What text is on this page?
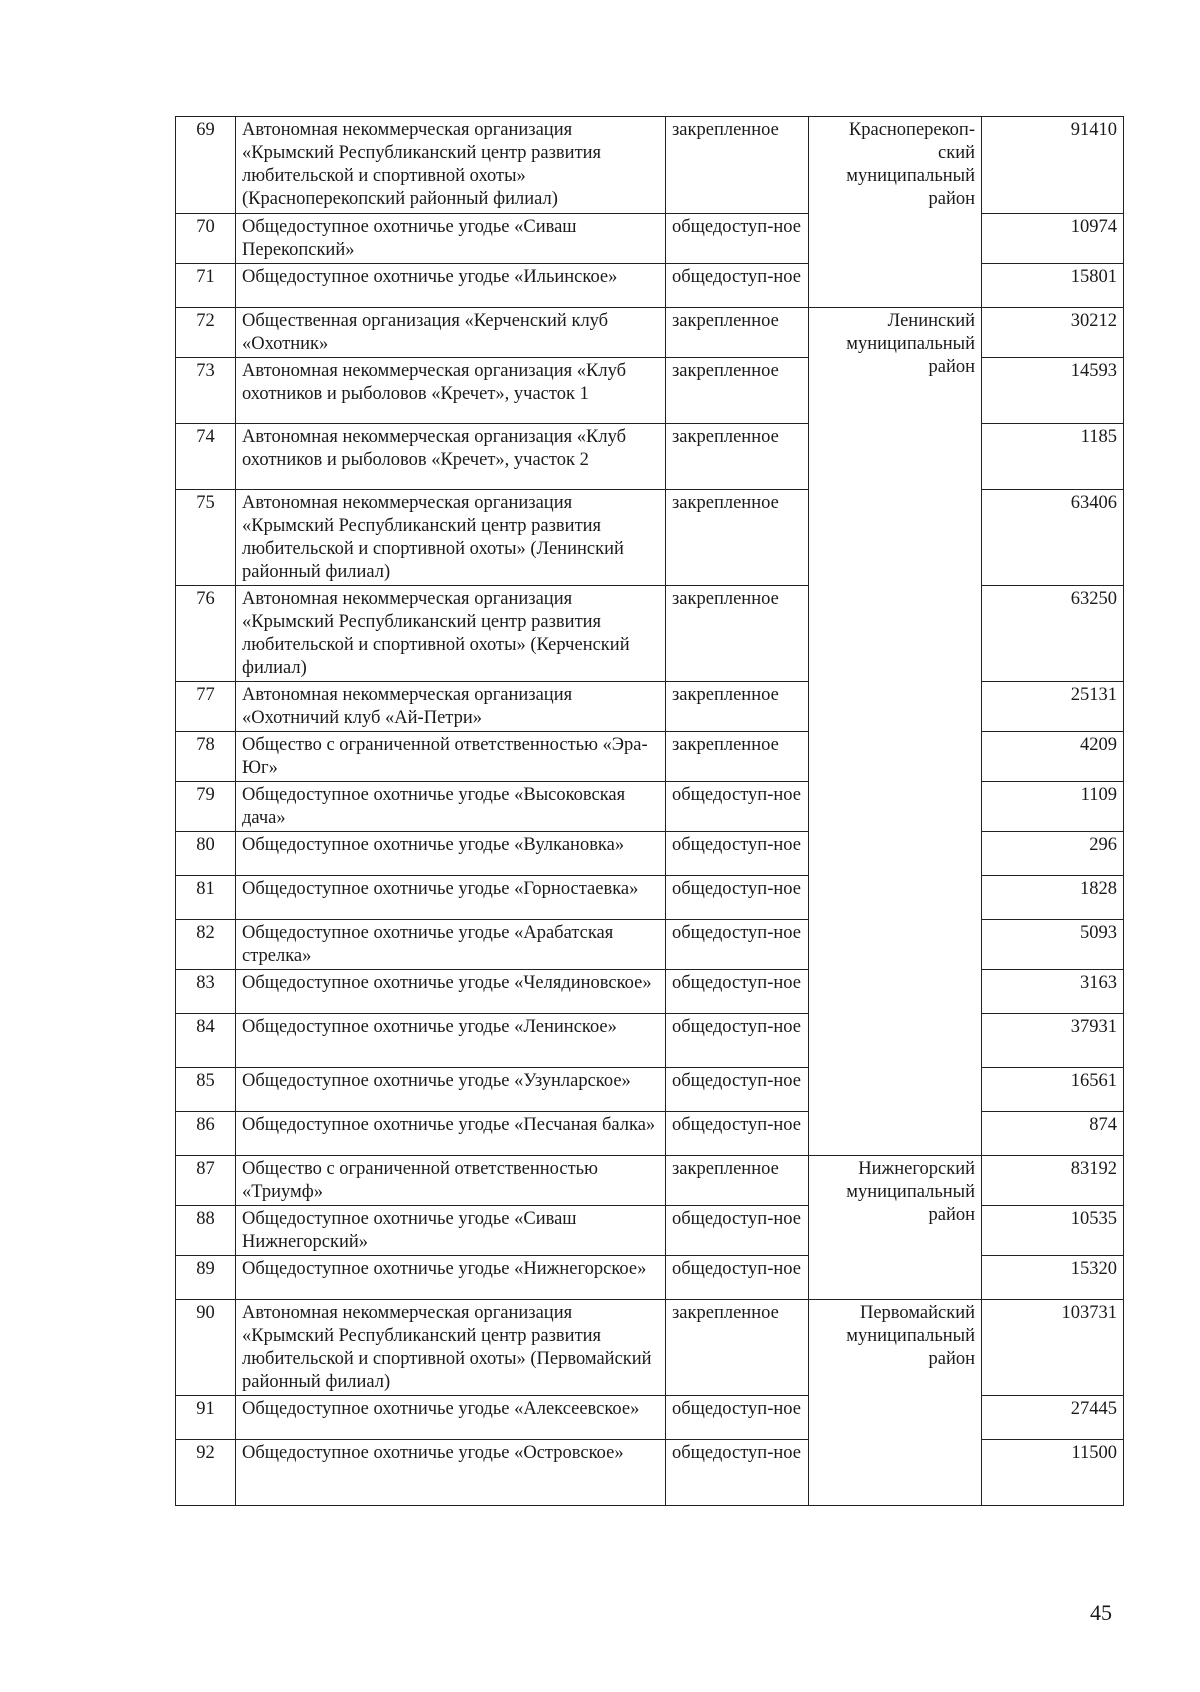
69	Автономная некоммерческая организация «Крымский Республиканский центр развития любительской и спортивной охоты» (Красноперекопский районный филиал)	закрепленное	Красноперекоп-ский муниципальный район	91410
70	Общедоступное охотничье угодье «Сиваш Перекопский»	общедоступ-ное		10974
71	Общедоступное охотничье угодье «Ильинское»	общедоступ-ное		15801
72	Общественная организация «Керченский клуб «Охотник»	закрепленное	Ленинский муниципальный район	30212
73	Автономная некоммерческая организация «Клуб охотников и рыболовов «Кречет», участок 1	закрепленное		14593
74	Автономная некоммерческая организация «Клуб охотников и рыболовов «Кречет», участок 2	закрепленное		1185
75	Автономная некоммерческая организация «Крымский Республиканский центр развития любительской и спортивной охоты» (Ленинский районный филиал)	закрепленное		63406
76	Автономная некоммерческая организация «Крымский Республиканский центр развития любительской и спортивной охоты» (Керченский филиал)	закрепленное		63250
77	Автономная некоммерческая организация «Охотничий клуб «Ай-Петри»	закрепленное		25131
78	Общество с ограниченной ответственностью «Эра-Юг»	закрепленное		4209
79	Общедоступное охотничье угодье «Высоковская дача»	общедоступ-ное		1109
80	Общедоступное охотничье угодье «Вулкановка»	общедоступ-ное		296
81	Общедоступное охотничье угодье «Горностаевка»	общедоступ-ное		1828
82	Общедоступное охотничье угодье «Арабатская стрелка»	общедоступ-ное		5093
83	Общедоступное охотничье угодье «Челядиновское»	общедоступ-ное		3163
84	Общедоступное охотничье угодье «Ленинское»	общедоступ-ное		37931
85	Общедоступное охотничье угодье «Узунларское»	общедоступ-ное		16561
86	Общедоступное охотничье угодье «Песчаная балка»	общедоступ-ное		874
87	Общество с ограниченной ответственностью «Триумф»	закрепленное	Нижнегорский муниципальный район	83192
88	Общедоступное охотничье угодье «Сиваш Нижнегорский»	общедоступ-ное		10535
89	Общедоступное охотничье угодье «Нижнегорское»	общедоступ-ное		15320
90	Автономная некоммерческая организация «Крымский Республиканский центр развития любительской и спортивной охоты» (Первомайский районный филиал)	закрепленное	Первомайский муниципальный район	103731
91	Общедоступное охотничье угодье «Алексеевское»	общедоступ-ное		27445
92	Общедоступное охотничье угодье «Островское»	общедоступ-ное		11500
45
